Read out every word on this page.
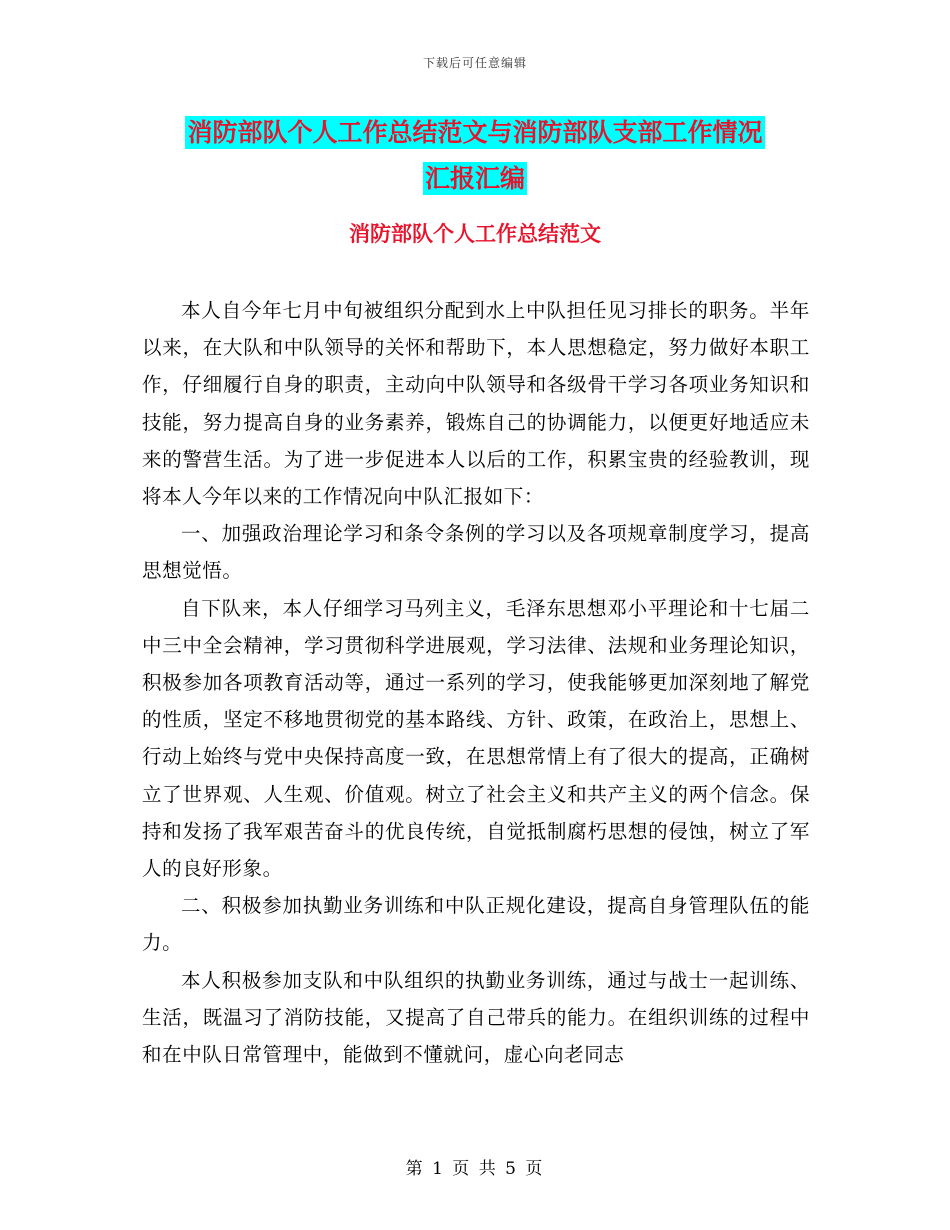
下载后可任意编辑
消防部队个人工作总结范文与消防部队支部工作情况
汇报汇编
消防部队个人工作总结范文

本人自今年七月中旬被组织分配到水上中队担任见习排长的职务。半年以来，在大队和中队领导的关怀和帮助下，本人思想稳定，努力做好本职工作，仔细履行自身的职责，主动向中队领导和各级骨干学习各项业务知识和技能，努力提高自身的业务素养，锻炼自己的协调能力，以便更好地适应未来的警营生活。为了进一步促进本人以后的工作，积累宝贵的经验教训，现将本人今年以来的工作情况向中队汇报如下：

一、加强政治理论学习和条令条例的学习以及各项规章制度学习，提高思想觉悟。

自下队来，本人仔细学习马列主义，毛泽东思想邓小平理论和十七届二中三中全会精神，学习贯彻科学进展观，学习法律、法规和业务理论知识，积极参加各项教育活动等，通过一系列的学习，使我能够更加深刻地了解党的性质，坚定不移地贯彻党的基本路线、方针、政策，在政治上，思想上、行动上始终与党中央保持高度一致，在思想常情上有了很大的提高，正确树立了世界观、人生观、价值观。树立了社会主义和共产主义的两个信念。保持和发扬了我军艰苦奋斗的优良传统，自觉抵制腐朽思想的侵蚀，树立了军人的良好形象。

二、积极参加执勤业务训练和中队正规化建设，提高自身管理队伍的能力。

本人积极参加支队和中队组织的执勤业务训练，通过与战士一起训练、生活，既温习了消防技能，又提高了自己带兵的能力。在组织训练的过程中和在中队日常管理中，能做到不懂就问，虚心向老同志

第 1 页 共 5 页
